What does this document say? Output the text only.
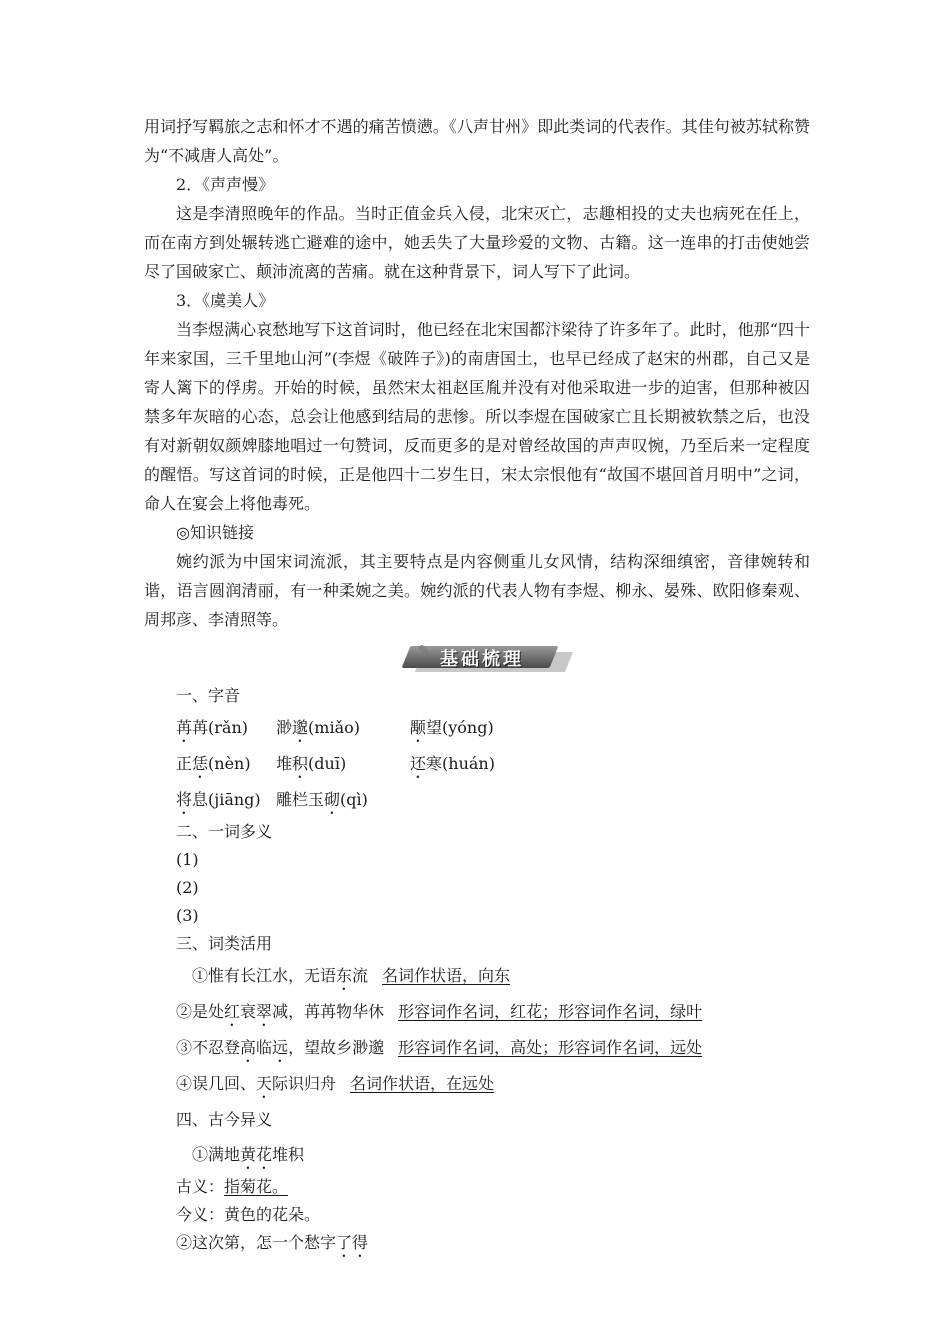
用词抒写羁旅之志和怀才不遇的痛苦愤懑。《八声甘州》即此类词的代表作。其佳句被苏轼称赞为“不减唐人高处”。

2．《声声慢》

这是李清照晚年的作品。当时正值金兵入侵，北宋灭亡，志趣相投的丈夫也病死在任上，而在南方到处辗转逃亡避难的途中，她丢失了大量珍爱的文物、古籍。这一连串的打击使她尝尽了国破家亡、颠沛流离的苦痛。就在这种背景下，词人写下了此词。

3．《虞美人》

当李煜满心哀愁地写下这首词时，他已经在北宋国都汴梁待了许多年了。此时，他那“四十年来家国，三千里地山河”(李煜《破阵子》)的南唐国土，也早已经成了赵宋的州郡，自己又是寄人篱下的俘虏。开始的时候，虽然宋太祖赵匡胤并没有对他采取进一步的迫害，但那种被囚禁多年灰暗的心态，总会让他感到结局的悲惨。所以李煜在国破家亡且长期被软禁之后，也没有对新朝奴颜婢膝地唱过一句赞词，反而更多的是对曾经故国的声声叹惋，乃至后来一定程度的醒悟。写这首词的时候，正是他四十二岁生日，宋太宗恨他有“故国不堪回首月明中”之词，命人在宴会上将他毒死。

◎知识链接

婉约派为中国宋词流派，其主要特点是内容侧重儿女风情，结构深细缜密，音律婉转和谐，语言圆润清丽，有一种柔婉之美。婉约派的代表人物有李煜、柳永、晏殊、欧阳修秦观、周邦彦、李清照等。

✎ 基础梳理
一、字音
苒苒(rǎn)	渺邈(miǎo)	颙望(yóng)
正恁(nèn)	堆积(duī)	还寒(huán)
将息(jiāng) 雕栏玉砌(qì)
二、一词多义
(1)
(2)
(3)
三、词类活用
①惟有长江水，无语东流 名词作状语，向东
②是处红衰翠减，苒苒物华休 形容词作名词，红花；形容词作名词，绿叶
③不忍登高临远，望故乡渺邈 形容词作名词，高处；形容词作名词，远处
④误几回、天际识归舟 名词作状语，在远处
四、古今异义
①满地黄花堆积
古义：指菊花。
今义：黄色的花朵。
②这次第，怎一个愁字了得
